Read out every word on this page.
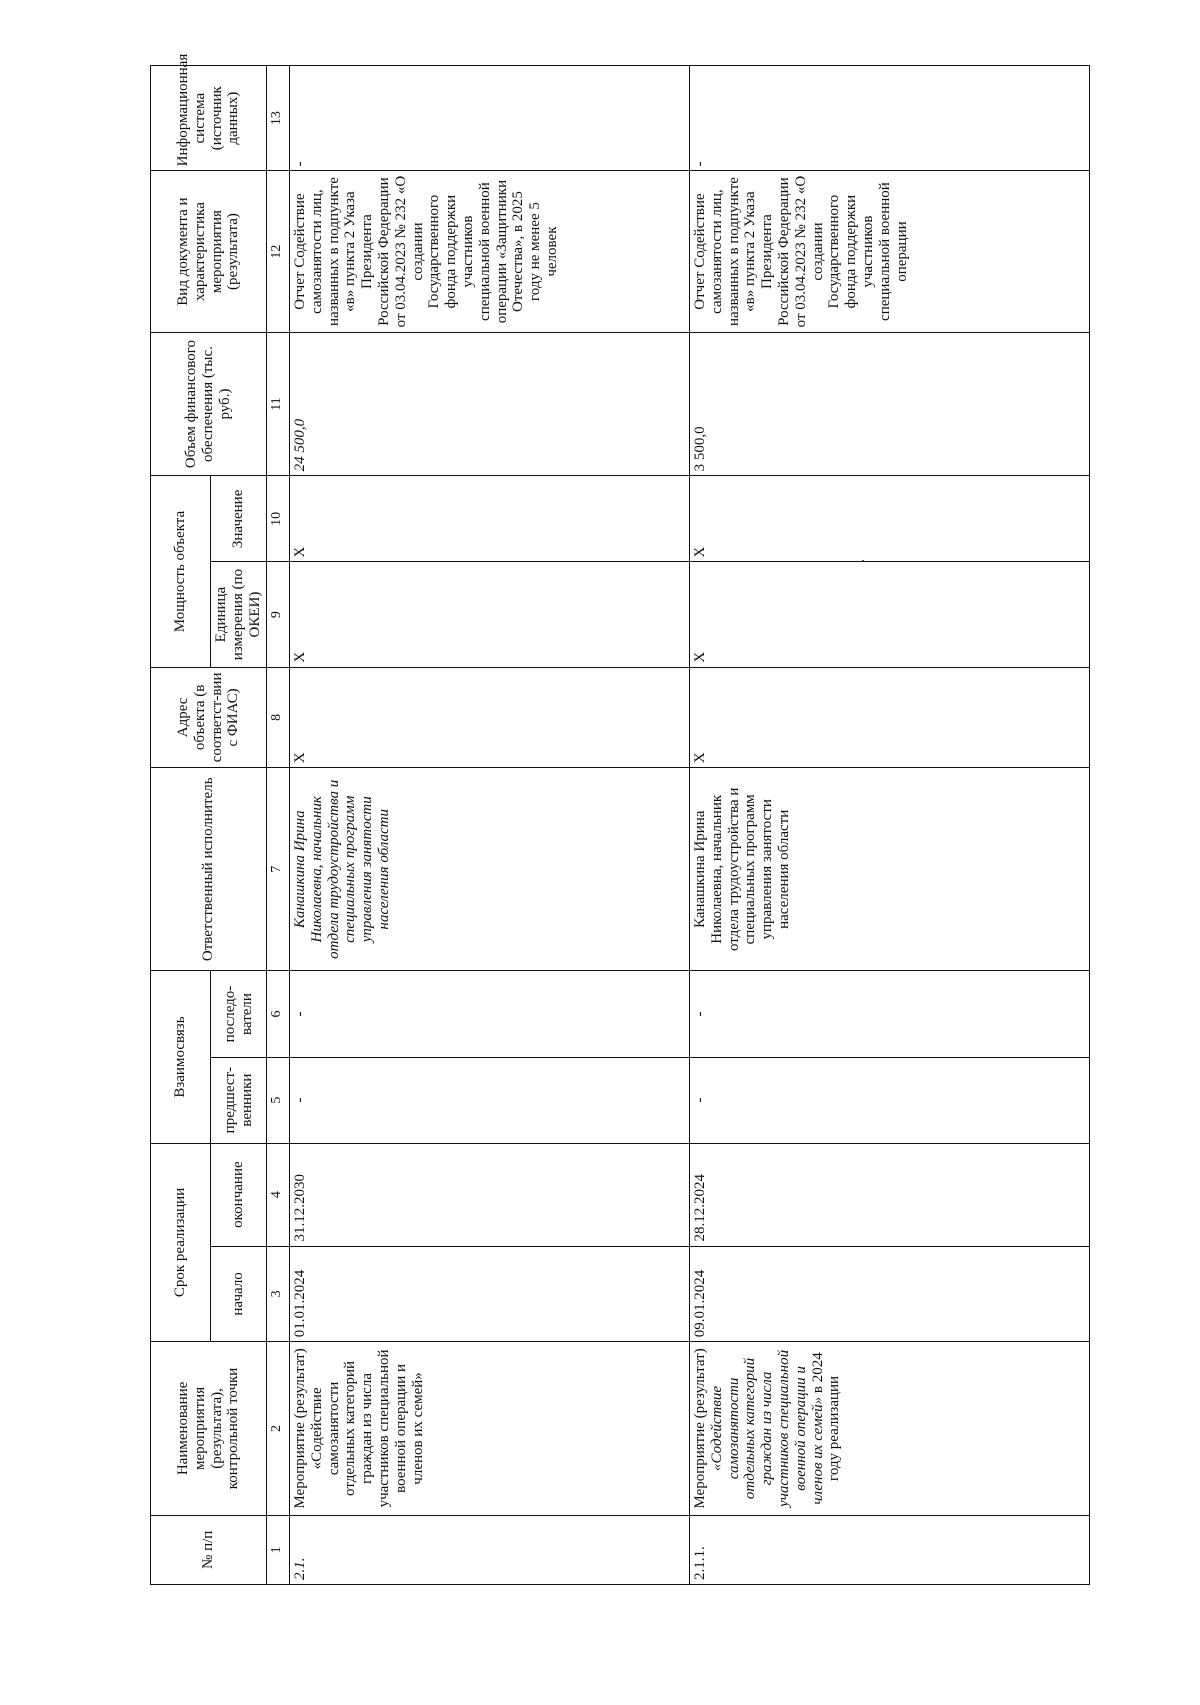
№ п/п	Наименование мероприятия (результата), контрольной точки	Срок реализации		Взаимосвязь		Ответственный исполнитель	Адрес объекта (в соответст-вии с ФИАС)	Мощность объекта		Объем финансового обеспечения (тыс. руб.)	Вид документа и характеристика мероприятия (результата)	Информационная система (источник данных)
		начало	окончание	предшест-венники	последо-ватели			Единица измерения (по ОКЕИ)	Значение			
1	2	3	4	5	6	7	8	9	10	11	12	13
2.1.	Мероприятие (результат) «Содействие самозанятости отдельных категорий граждан из числа участников специальной военной операции и членов их семей»	01.01.2024	31.12.2030	-	-	Канашкина Ирина Николаевна, начальник отдела трудоустройства и специальных программ управления занятости населения области	X	X	X	24 500,0	Отчет Содействие самозанятости лиц, названных в подпункте «в» пункта 2 Указа Президента Российской Федерации от 03.04.2023 № 232 «О создании Государственного фонда поддержки участников специальной военной операции «Защитники Отечества», в 2025 году не менее 5 человек	-
2.1.1.	Мероприятие (результат) «Содействие самозанятости отдельных категорий граждан из числа участников специальной военной операции и членов их семей» в 2024 году реализации	09.01.2024	28.12.2024	-	-	Канашкина Ирина Николаевна, начальник отдела трудоустройства и специальных программ управления занятости населения области	X	X	X	3 500,0	Отчет Содействие самозанятости лиц, названных в подпункте «в» пункта 2 Указа Президента Российской Федерации от 03.04.2023 № 232 «О создании Государственного фонда поддержки участников специальной военной операции	-
